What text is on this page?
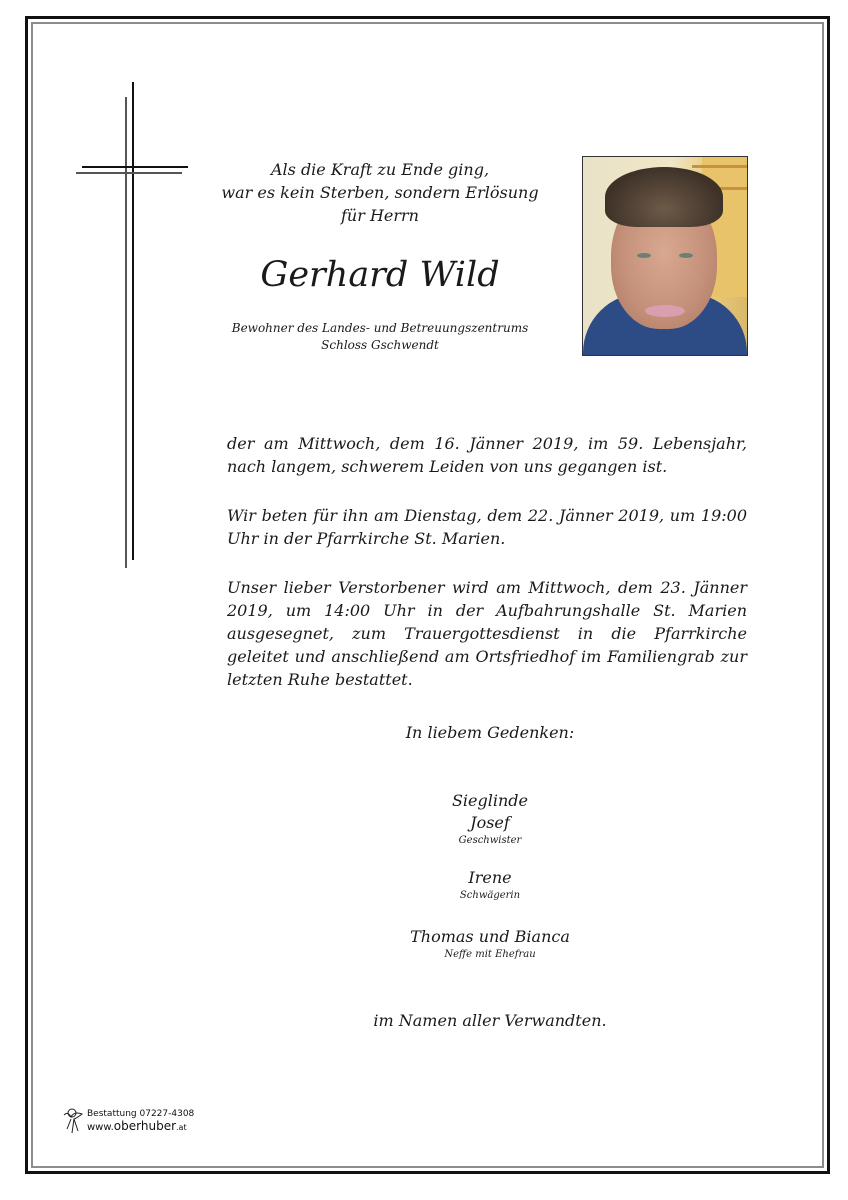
Als die Kraft zu Ende ging,
war es kein Sterben, sondern Erlösung
für Herrn
Gerhard Wild
Bewohner des Landes- und Betreuungszentrums
Schloss Gschwendt

der am Mittwoch, dem 16. Jänner 2019, im 59. Lebensjahr, nach langem, schwerem Leiden von uns gegangen ist.

Wir beten für ihn am Dienstag, dem 22. Jänner 2019, um 19:00 Uhr in der Pfarrkirche St. Marien.

Unser lieber Verstorbener wird am Mittwoch, dem 23. Jänner 2019, um 14:00 Uhr in der Aufbahrungshalle St. Marien ausgesegnet, zum Trauergottesdienst in die Pfarrkirche geleitet und anschließend am Ortsfriedhof im Familiengrab zur letzten Ruhe bestattet.

In liebem Gedenken:
Sieglinde
Josef
Geschwister
Irene
Schwägerin
Thomas und Bianca
Neffe mit Ehefrau
im Namen aller Verwandten.
Bestattung 07227-4308
www.oberhuber.at
